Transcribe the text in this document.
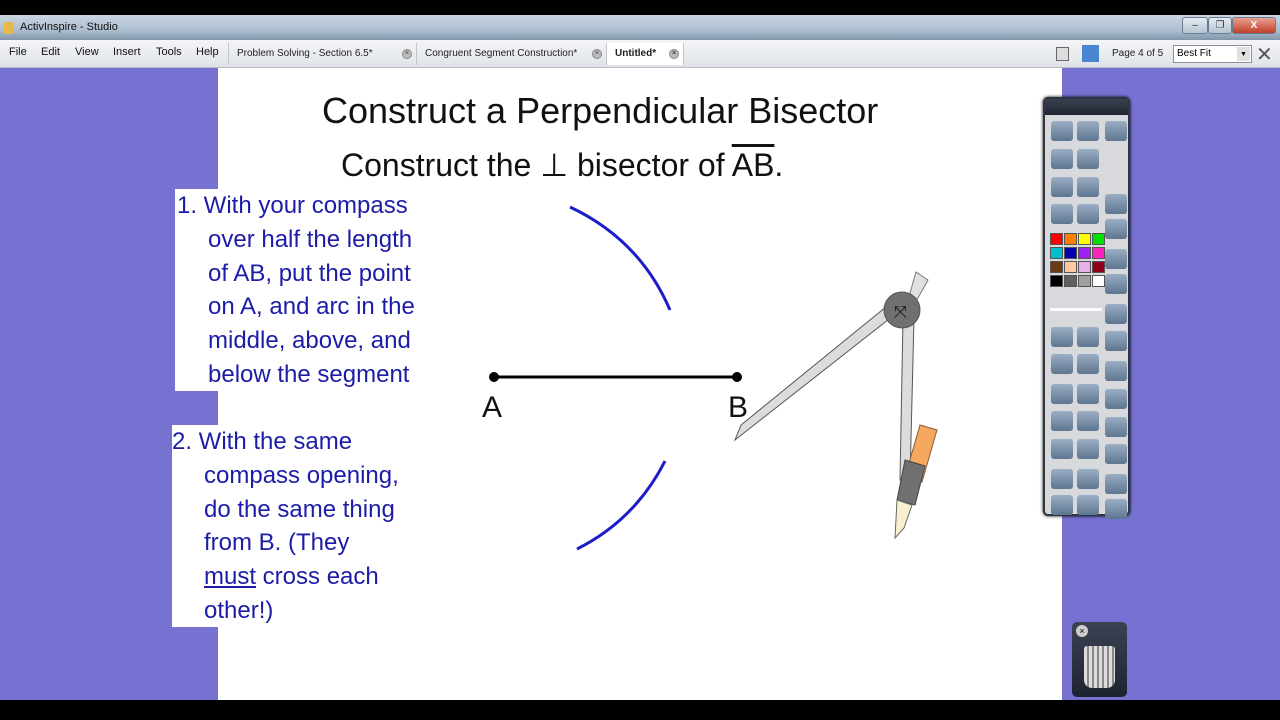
ActivInspire - Studio	–	❐	X
File Edit View Insert Tools Help	Problem Solving - Section 6.5*	×	Congruent Segment Construction*	×	Untitled*	×	Page 4 of 5	Best Fit	▼ ✕
Construct a Perpendicular Bisector
Construct the ⊥ bisector of $\overline{AB}$.

1. With your compass

over half the length

of AB, put the point

on A, and arc in the

middle, above, and

below the segment

2. With the same

compass opening,

do the same thing

from B. (They

must cross each

other!)

⤧
A	B
×
